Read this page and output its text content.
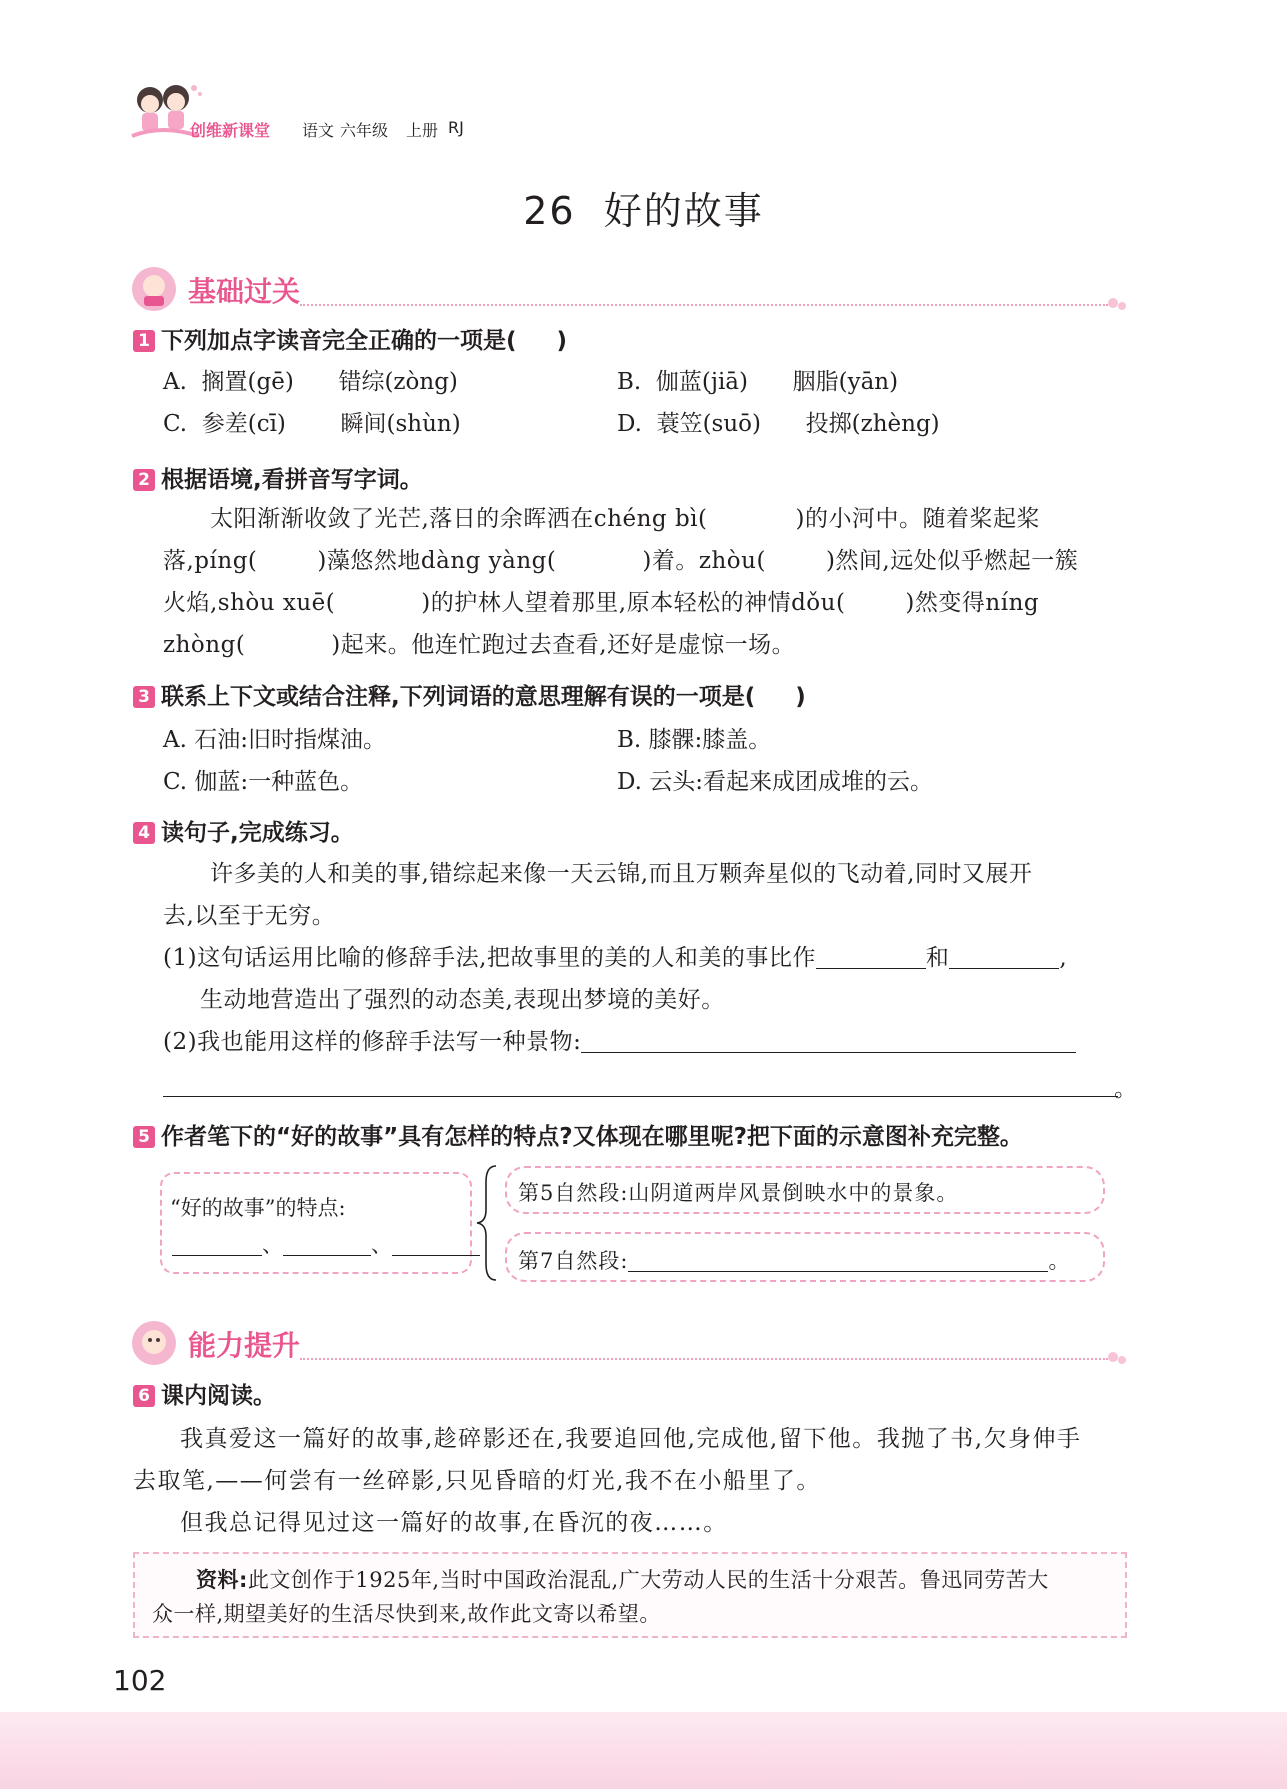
创维新课堂 语文 六年级 上册 RJ
26  好的故事
基础过关
1 下列加点字读音完全正确的一项是( )
A. 搁置(gē) 错综(zòng)	B. 伽蓝(jiā) 胭脂(yān)
C. 参差(cī) 瞬间(shùn)	D. 蓑笠(suō) 投掷(zhèng)
2 根据语境,看拼音写字词。
太阳渐渐收敛了光芒,落日的余晖洒在chéng bì(	)的小河中。随着桨起桨
落,píng(	)藻悠然地dàng yàng(	)着。zhòu(	)然间,远处似乎燃起一簇
火焰,shòu xuē(	)的护林人望着那里,原本轻松的神情dǒu(	)然变得níng
zhòng(	)起来。他连忙跑过去查看,还好是虚惊一场。
3 联系上下文或结合注释,下列词语的意思理解有误的一项是( )
A. 石油:旧时指煤油。	B. 膝髁:膝盖。
C. 伽蓝:一种蓝色。	D. 云头:看起来成团成堆的云。
4 读句子,完成练习。
许多美的人和美的事,错综起来像一天云锦,而且万颗奔星似的飞动着,同时又展开
去,以至于无穷。
(1)这句话运用比喻的修辞手法,把故事里的美的人和美的事比作	和	,
生动地营造出了强烈的动态美,表现出梦境的美好。
(2)我也能用这样的修辞手法写一种景物:
。
5 作者笔下的“好的故事”具有怎样的特点?又体现在哪里呢?把下面的示意图补充完整。
“好的故事”的特点:
、	、
第5自然段:山阴道两岸风景倒映水中的景象。
第7自然段:	。
能力提升
6 课内阅读。
我真爱这一篇好的故事,趁碎影还在,我要追回他,完成他,留下他。我抛了书,欠身伸手
去取笔,——何尝有一丝碎影,只见昏暗的灯光,我不在小船里了。
但我总记得见过这一篇好的故事,在昏沉的夜……。
资料:此文创作于1925年,当时中国政治混乱,广大劳动人民的生活十分艰苦。鲁迅同劳苦大
众一样,期望美好的生活尽快到来,故作此文寄以希望。
102
